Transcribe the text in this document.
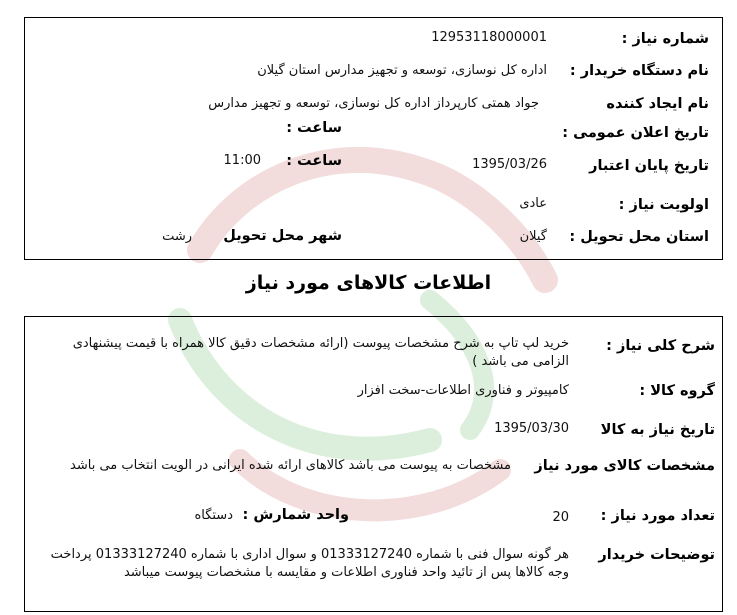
شماره نیاز :
1295311800000‎1
نام دستگاه خریدار :
اداره کل نوسازی، توسعه و تجهیز مدارس استان گیلان
نام ایجاد کننده
جواد همتی کارپرداز اداره کل نوسازی، توسعه و تجهیز مدارس
تاریخ اعلان عمومی :
ساعت :
تاریخ پایان اعتبار
1395/03/26
ساعت :
11:00
اولویت نیاز :
عادی
استان محل تحویل :
گیلان
شهر محل تحویل
رشت
اطلاعات کالاهای مورد نیاز
شرح کلی نیاز :
خرید لپ تاپ به شرح مشخصات پیوست (ارائه مشخصات دقیق کالا همراه با قیمت پیشنهادی الزامی می باشد )
گروه کالا :
کامپیوتر و فناوری اطلاعات-سخت افزار
تاریخ نیاز به کالا
1395/03/30
مشخصات کالای مورد نیاز
مشخصات به پیوست می باشد کالاهای ارائه شده ایرانی در الویت انتخاب می باشد
تعداد مورد نیاز :
20
واحد شمارش :
دستگاه
توضیحات خریدار
هر گونه سوال فنی با شماره 01333127240 و سوال اداری با شماره 01333127240 پرداخت وجه کالاها پس از تائید واحد فناوری اطلاعات و مقایسه با مشخصات پیوست میباشد
